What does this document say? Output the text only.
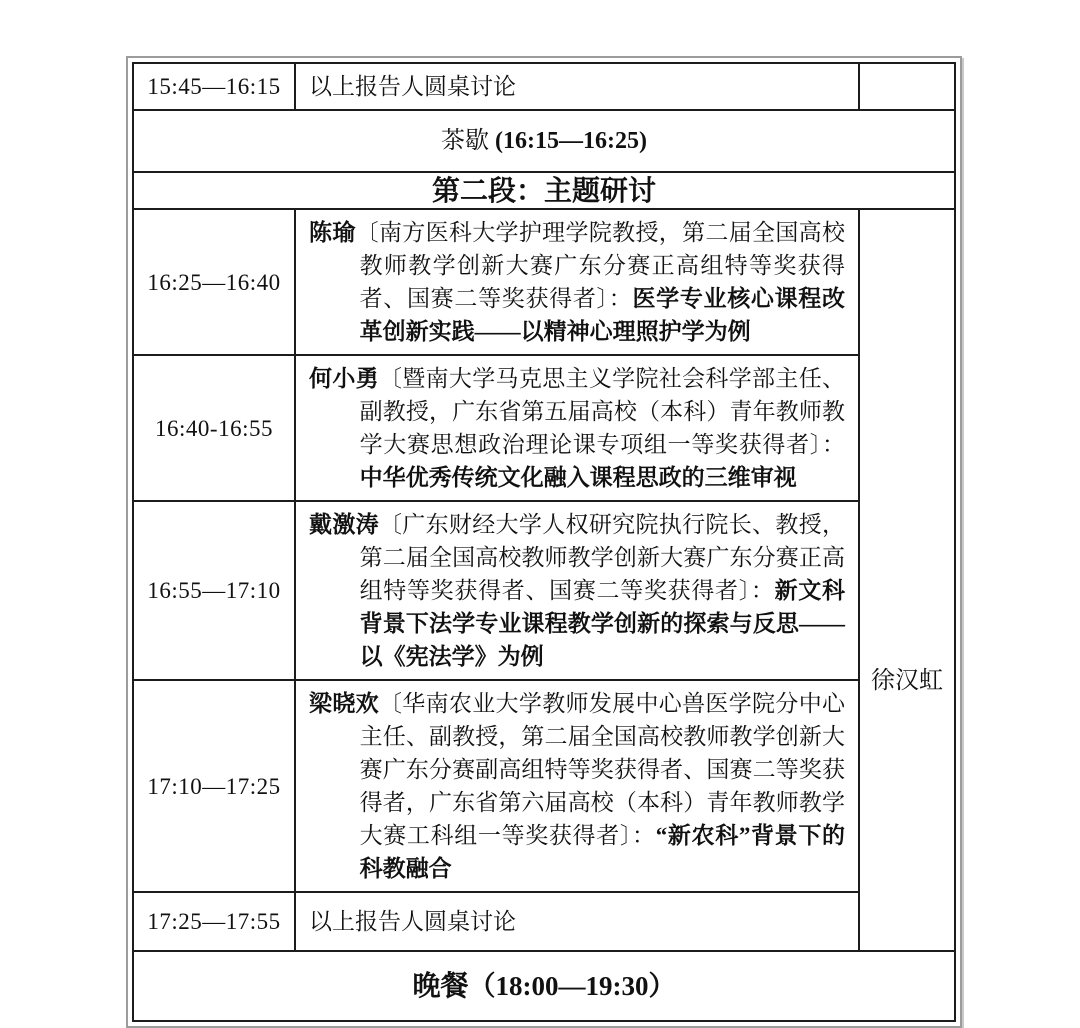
15:45—16:15	以上报告人圆桌讨论	
茶歇 (16:15—16:25)		
第二段：主题研讨		
16:25—16:40	陈瑜〔南方医科大学护理学院教授，第二届全国高校教师教学创新大赛广东分赛正高组特等奖获得者、国赛二等奖获得者〕：医学专业核心课程改革创新实践——以精神心理照护学为例	徐汉虹

16:40-16:55	何小勇〔暨南大学马克思主义学院社会科学部主任、副教授，广东省第五届高校（本科）青年教师教学大赛思想政治理论课专项组一等奖获得者〕：中华优秀传统文化融入课程思政的三维审视	

16:55—17:10	戴激涛〔广东财经大学人权研究院执行院长、教授，第二届全国高校教师教学创新大赛广东分赛正高组特等奖获得者、国赛二等奖获得者〕：新文科背景下法学专业课程教学创新的探索与反思——以《宪法学》为例	

17:10—17:25	梁晓欢〔华南农业大学教师发展中心兽医学院分中心主任、副教授，第二届全国高校教师教学创新大赛广东分赛副高组特等奖获得者、国赛二等奖获得者，广东省第六届高校（本科）青年教师教学大赛工科组一等奖获得者〕：“新农科”背景下的科教融合	

17:25—17:55	以上报告人圆桌讨论	
晚餐（18:00—19:30）		
